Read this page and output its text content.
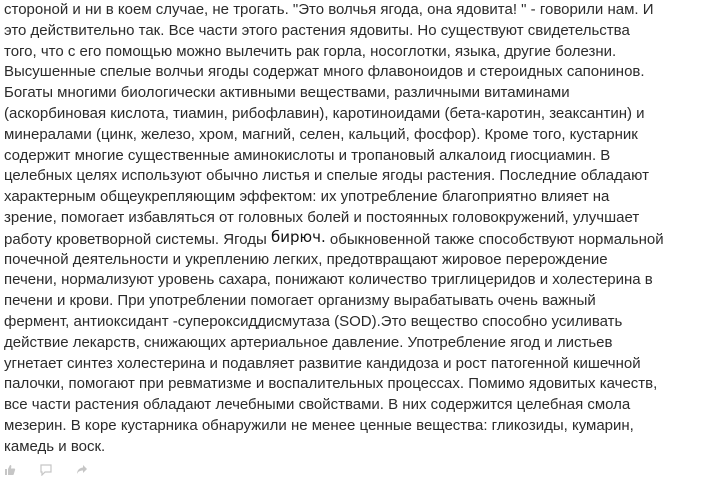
стороной и ни в коем случае, не трогать. "Это волчья ягода, она ядовита! " - говорили нам. И
это действительно так. Все части этого растения ядовиты. Но существуют свидетельства
того, что с его помощью можно вылечить рак горла, носоглотки, языка, другие болезни.
Высушенные спелые волчьи ягоды содержат много флавоноидов и стероидных сапонинов.
Богаты многими биологически активными веществами, различными витаминами
(аскорбиновая кислота, тиамин, рибофлавин), каротиноидами (бета-каротин, зеаксантин) и
минералами (цинк, железо, хром, магний, селен, кальций, фосфор). Кроме того, кустарник
содержит многие существенные аминокислоты и тропановый алкалоид гиосциамин. В
целебных целях используют обычно листья и спелые ягоды растения. Последние обладают
характерным общеукрепляющим эффектом: их употребление благоприятно влияет на
зрение, помогает избавляться от головных болей и постоянных головокружений, улучшает
работу кроветворной системы. Ягоды бирюч. обыкновенной также способствуют нормальной
почечной деятельности и укреплению легких, предотвращают жировое перерождение
печени, нормализуют уровень сахара, понижают количество триглицеридов и холестерина в
печени и крови. При употреблении помогает организму вырабатывать очень важный
фермент, антиоксидант -супероксиддисмутаза (SOD).Это вещество способно усиливать
действие лекарств, снижающих артериальное давление. Употребление ягод и листьев
угнетает синтез холестерина и подавляет развитие кандидоза и рост патогенной кишечной
палочки, помогают при ревматизме и воспалительных процессах. Помимо ядовитых качеств,
все части растения обладают лечебными свойствами. В них содержится целебная смола
мезерин. В коре кустарника обнаружили не менее ценные вещества: гликозиды, кумарин,
камедь и воск.
